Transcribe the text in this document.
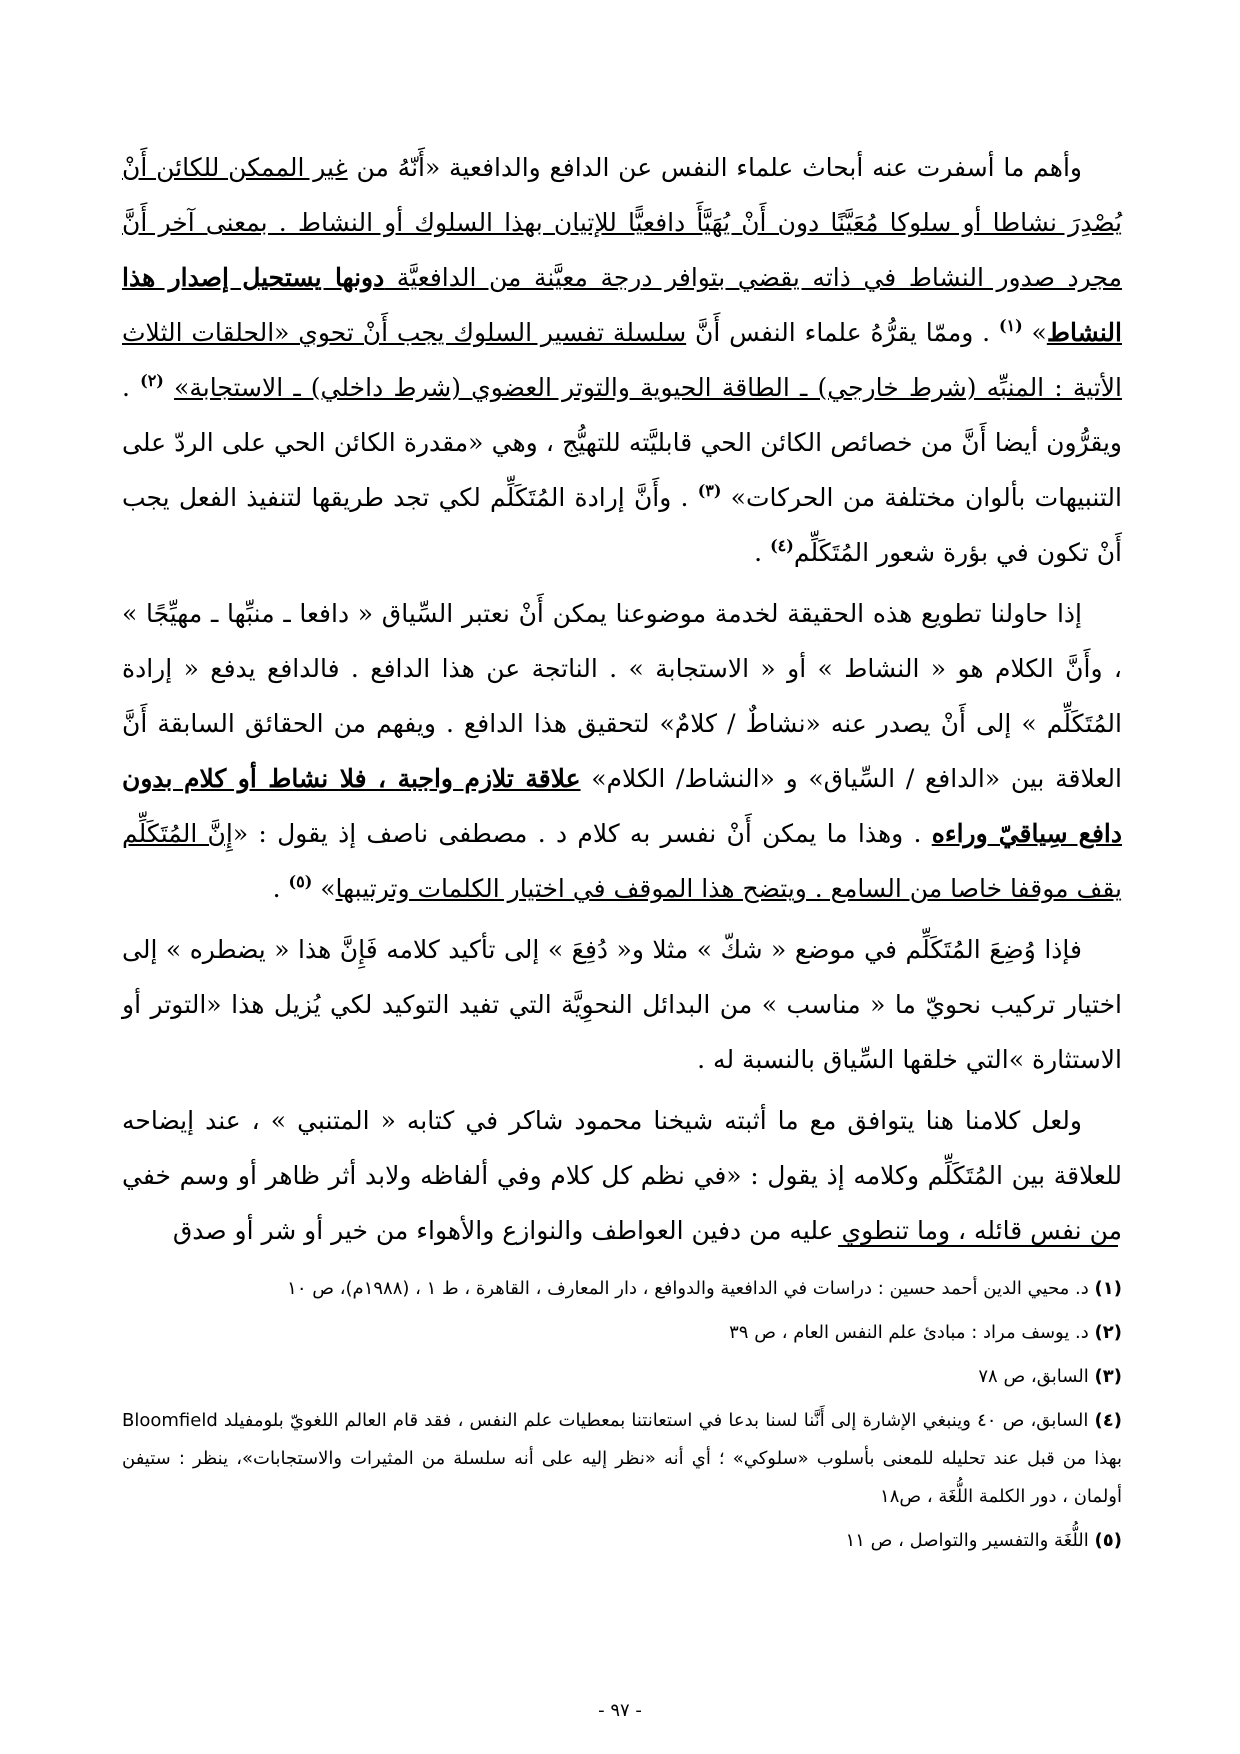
وأهم ما أسفرت عنه أبحاث علماء النفس عن الدافع والدافعية «أَنّهُ من غير الممكن للكائن أَنْ يُصْدِرَ نشاطا أو سلوكا مُعَيَّنًا دون أَنْ يُهَيَّأَ دافعيًّا للإتيان بهذا السلوك أو النشاط . بمعنى آخر أَنَّ مجرد صدور النشاط في ذاته يقضي بتوافر درجة معيَّنة من الدافعيَّة دونها يستحيل إصدار هذا النشاط» $^{(١)}$ . وممّا يقرُّهُ علماء النفس أَنَّ سلسلة تفسير السلوك يجب أَنْ تحوي «الحلقات الثلاث الأتية : المنبِّه (شرط خارجي) ـ الطاقة الحيوية والتوتر العضوي (شرط داخلي) ـ الاستجابة» $^{(٢)}$ . ويقرُّون أيضا أَنَّ من خصائص الكائن الحي قابليَّته للتهيُّج ، وهي «مقدرة الكائن الحي على الردّ على التنبيهات بألوان مختلفة من الحركات» $^{(٣)}$ . وأَنَّ إرادة المُتَكَلِّم لكي تجد طريقها لتنفيذ الفعل يجب أَنْ تكون في بؤرة شعور المُتَكَلِّم$^{(٤)}$ .

إذا حاولنا تطويع هذه الحقيقة لخدمة موضوعنا يمكن أَنْ نعتبر السِّياق « دافعا ـ منبِّها ـ مهيِّجًا » ، وأَنَّ الكلام هو « النشاط » أو « الاستجابة » . الناتجة عن هذا الدافع . فالدافع يدفع « إرادة المُتَكَلِّم » إلى أَنْ يصدر عنه «نشاطٌ / كلامٌ» لتحقيق هذا الدافع . ويفهم من الحقائق السابقة أَنَّ العلاقة بين «الدافع / السِّياق» و «النشاط/ الكلام» علاقة تلازم واجبة ، فلا نشاط أو كلام بدون دافع سِياقيّ وراءه . وهذا ما يمكن أَنْ نفسر به كلام د . مصطفى ناصف إذ يقول : «إِنَّ المُتَكَلِّم يقف موقفا خاصا من السامع . ويتضح هذا الموقف في اختيار الكلمات وترتيبها» $^{(٥)}$ .

فإذا وُضِعَ المُتَكَلِّم في موضع « شكّ » مثلا و« دُفِعَ » إلى تأكيد كلامه فَإِنَّ هذا « يضطره » إلى اختيار تركيب نحويّ ما « مناسب » من البدائل النحوِيَّة التي تفيد التوكيد لكي يُزيل هذا «التوتر أو الاستثارة »التي خلقها السِّياق بالنسبة له .

ولعل كلامنا هنا يتوافق مع ما أثبته شيخنا محمود شاكر في كتابه « المتنبي » ، عند إيضاحه للعلاقة بين المُتَكَلِّم وكلامه إذ يقول : «في نظم كل كلام وفي ألفاظه ولابد أثر ظاهر أو وسم خفي من نفس قائله ، وما تنطوي عليه من دفين العواطف والنوازع والأهواء من خير أو شر أو صدق

(١) د. محيي الدين أحمد حسين : دراسات في الدافعية والدوافع ، دار المعارف ، القاهرة ، ط ١ ، (١٩٨٨م)، ص ١٠
(٢) د. يوسف مراد : مبادئ علم النفس العام ، ص ٣٩
(٣) السابق، ص ٧٨
(٤) السابق، ص ٤٠ وينبغي الإشارة إلى أَنَّنا لسنا بدعا في استعانتنا بمعطيات علم النفس ، فقد قام العالم اللغويّ بلومفيلد Bloomfield بهذا من قبل عند تحليله للمعنى بأسلوب «سلوكي» ؛ أي أنه «نظر إليه على أنه سلسلة من المثيرات والاستجابات»، ينظر : ستيفن أولمان ، دور الكلمة اللُّغَة ، ص١٨
(٥) اللُّغَة والتفسير والتواصل ، ص ١١
- ٩٧ -
